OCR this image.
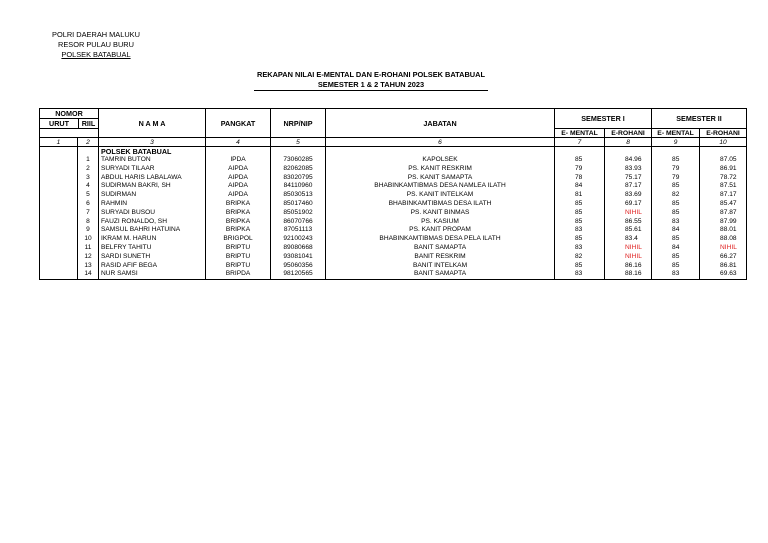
POLRI DAERAH MALUKU
RESOR PULAU BURU
POLSEK BATABUAL
REKAPAN NILAI E-MENTAL DAN E-ROHANI POLSEK BATABUAL
SEMESTER 1 & 2 TAHUN 2023
NOMOR
URUT RIIL		N A M A	PANGKAT	NRP/NIP	JABATAN	SEMESTER I		SEMESTER II	
						E- MENTAL	E-ROHANI	E- MENTAL	E-ROHANI
1	2	3	4	5	6	7	8	9	10
		POLSEK BATABUAL							
	1	TAMRIN BUTON	IPDA	73060285	KAPOLSEK	85	84.96	85	87.05
	2	SURYADI TILAAR	AIPDA	82062085	PS. KANIT RESKRIM	79	83.93	79	86.91
	3	ABDUL HARIS LABALAWA	AIPDA	83020795	PS. KANIT SAMAPTA	78	75.17	79	78.72
	4	SUDIRMAN BAKRI, SH	AIPDA	84110960	BHABINKAMTIBMAS DESA NAMLEA ILATH	84	87.17	85	87.51
	5	SUDIRMAN	AIPDA	85030513	PS. KANIT INTELKAM	81	83.69	82	87.17
	6	RAHMIN	BRIPKA	85017460	BHABINKAMTIBMAS DESA ILATH	85	69.17	85	85.47
	7	SURYADI BUSOU	BRIPKA	85051902	PS. KANIT BINMAS	85	NIHIL	85	87.87
	8	FAUZI RONALDO, SH	BRIPKA	86070766	PS. KASIUM	85	86.55	83	87.99
	9	SAMSUL BAHRI HATUINA	BRIPKA	87051113	PS. KANIT PROPAM	83	85.61	84	88.01
	10	IKRAM M. HARUN	BRIGPOL	92100243	BHABINKAMTIBMAS DESA PELA ILATH	85	83.4	85	88.08
	11	BELFRY TAHITU	BRIPTU	89080668	BANIT SAMAPTA	83	NIHIL	84	NIHIL
	12	SARDI SUNETH	BRIPTU	93081041	BANIT RESKRIM	82	NIHIL	85	66.27
	13	RASID AFIF BEGA	BRIPTU	95060356	BANIT INTELKAM	85	86.16	85	86.81
	14	NUR SAMSI	BRIPDA	98120565	BANIT SAMAPTA	83	88.16	83	69.63
